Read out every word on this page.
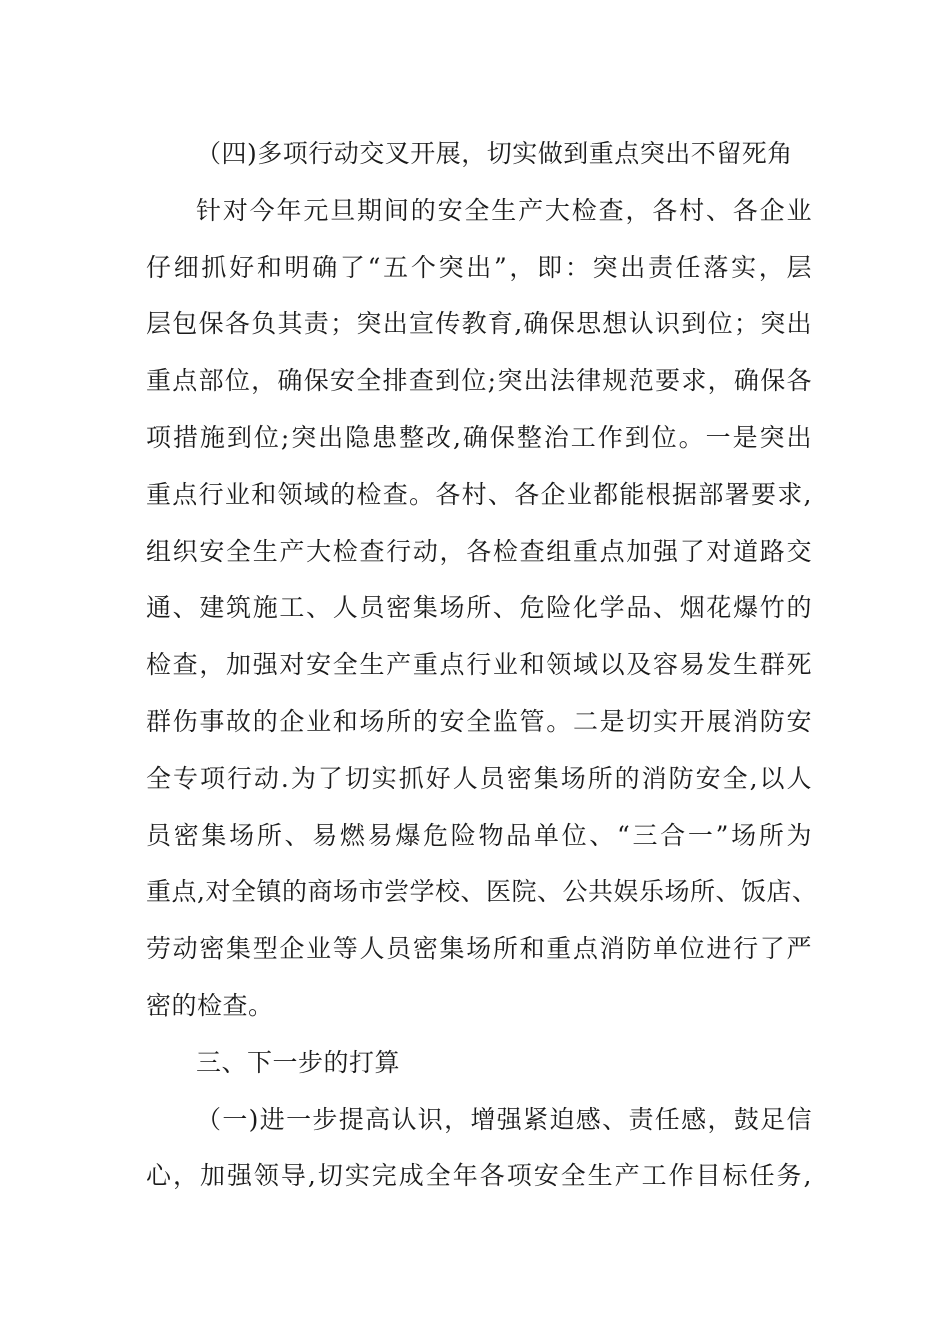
（四)多项行动交叉开展，切实做到重点突出不留死角
针对今年元旦期间的安全生产大检查，各村、各企业
仔细抓好和明确了“五个突出”，即：突出责任落实，层
层包保各负其责；突出宣传教育,确保思想认识到位；突出
重点部位，确保安全排查到位;突出法律规范要求，确保各
项措施到位;突出隐患整改,确保整治工作到位。一是突出
重点行业和领域的检查。各村、各企业都能根据部署要求,
组织安全生产大检查行动，各检查组重点加强了对道路交
通、建筑施工、人员密集场所、危险化学品、烟花爆竹的
检查，加强对安全生产重点行业和领域以及容易发生群死
群伤事故的企业和场所的安全监管。二是切实开展消防安
全专项行动.为了切实抓好人员密集场所的消防安全,以人
员密集场所、易燃易爆危险物品单位、“三合一”场所为
重点,对全镇的商场市尝学校、医院、公共娱乐场所、饭店、
劳动密集型企业等人员密集场所和重点消防单位进行了严
密的检查。
三、下一步的打算
（一)进一步提高认识，增强紧迫感、责任感，鼓足信
心，加强领导,切实完成全年各项安全生产工作目标任务,
